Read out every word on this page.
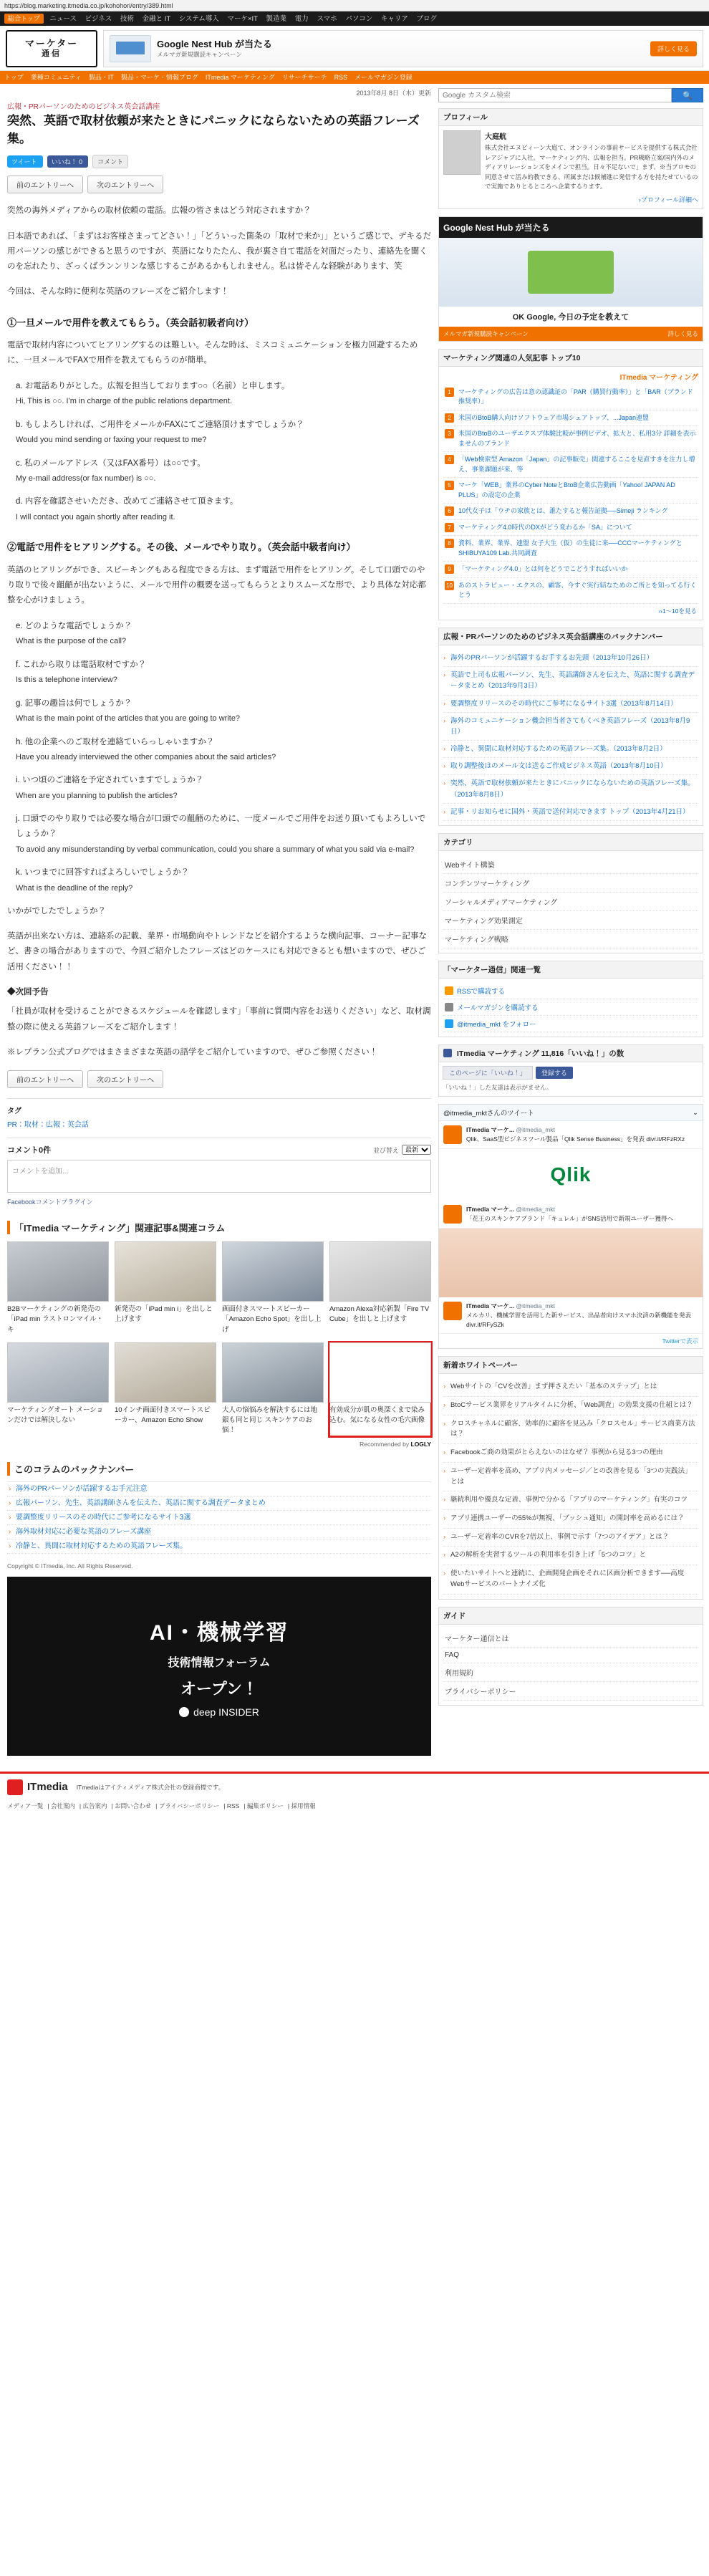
https://blog.marketing.itmedia.co.jp/kohohori/entry/389.html
総合トップ ニュース ビジネス 技術 金融と IT システム導入 マーケ×IT 製造業 電力 スマホ パソコン キャリア ブログ
マーケター
通信
Google Nest Hub が当たる
メルマガ新規購読キャンペーン
詳しく見る
トップ 業種コミュニティ 製品・IT 製品・マーケ・情報ブログ ITmedia マーケティング リサーチサーチ RSS メールマガジン登録
2013年8月 8日（木）更新
広報・PRパーソンのためのビジネス英会話講座
突然、英語で取材依頼が来たときにパニックにならないための英語フレーズ集。
ツイート	いいね！ 0	コメント
前のエントリーへ	次のエントリーへ

突然の海外メディアからの取材依頼の電話。広報の皆さまはどう対応されますか？

日本語であれば、「まずはお客様さまってどさい！」「どういった箇条の「取材で来か」」というご感じで、デキるだ用パーソンの感じができると思うのですが、英語になりたたん、我が裏さ自て電話を対面だったり、連絡先を聞くのを忘れたり、ざっくばランンリンな感じするこがあるかもしれません。私は皆そんな経験があります、笑

今回は、そんな時に便利な英語のフレーズをご紹介します！

①一旦メールで用件を教えてもらう。（英会話初級者向け）

電話で取材内容についてヒアリングするのは難しい。そんな時は、ミスコミュニケーションを極力回避するために、一旦メールでFAXで用件を教えてもらうのが簡単。

a. お電話ありがとした。広報を担当しております○○（名前）と申します。
Hi, This is ○○. I'm in charge of the public relations department.
b. もしよろしければ、ご用件をメールかFAXにてご連絡頂けますでしょうか？
Would you mind sending or faxing your request to me?
c. 私のメールアドレス（又はFAX番号）は○○です。
My e-mail address(or fax number) is ○○.
d. 内容を確認させいただき、改めてご連絡させて頂きます。
I will contact you again shortly after reading it.
②電話で用件をヒアリングする。その後、メールでやり取り。（英会話中級者向け）

英語のヒアリングができ、スピーキングもある程度できる方は、まず電話で用件をヒアリング。そして口頭でのやり取りで後々齟齬が出ないように、メールで用件の概要を送ってもらうとよりスムーズな形で、より具体な対応都整を心がけましょう。

e. どのような電話でしょうか？
What is the purpose of the call?
f. これから取りは電話取材ですか？
Is this a telephone interview?
g. 記事の趣旨は何でしょうか？
What is the main point of the articles that you are going to write?
h. 他の企業へのご取材を連絡ていらっしゃいますか？
Have you already interviewed the other companies about the said articles?
i. いつ頃のご連絡を予定されていますでしょうか？
When are you planning to publish the articles?
j. 口頭でのやり取りでは必要な場合が口頭での齟齬のために、一度メールでご用件をお送り頂いてもよろしいでしょうか？
To avoid any misunderstanding by verbal communication, could you share a summary of what you said via e-mail?
k. いつまでに回答すればよろしいでしょうか？
What is the deadline of the reply?

いかがでしたでしょうか？

英語が出来ない方は、連絡系の記載、業界・市場動向やトレンドなどを紹介するような横向記事、コーナー記事など、書きの場合がありますので、今回ご紹介したフレーズはどのケースにも対応できるとも想いますので、ぜひご活用ください！！

◆次回予告

「社員が取材を受けることができるスケジュールを確認します」「事前に質問内容をお送りください」など、取材調整の際に使える英語フレーズをご紹介します！

※レプラン公式ブログではまさまざまな英語の語学をご紹介していますので、ぜひご参照ください！

前のエントリーへ	次のエントリーへ
タグ
PR：取材：広報：英会話
コメント0件	並び替え
最新
コメントを追加...
Facebookコメントプラグイン
「ITmedia マーケティング」関連記事&関連コラム
B2Bマーケティングの新発売の「iPad min ラストロンマイル・キ
新発売の「iPad min i」を出しと上げます
画面付きスマートスピーカー「Amazon Echo Spot」を出し上げ
Amazon Alexa対応新製「Fire TV Cube」を出しと上げます
マーケティングオート メーションだけでは解決しない
10インチ画面付きスマートスピーカー、Amazon Echo Show
大人の悩悩みを解決するには地銀も同と同じ スキンケアのお悩！
有効成分が肌の奥深くまで染み込む。気になる女性の毛穴画像
Recommended by LOGLY
このコラムのバックナンバー
› 海外のPRパーソンが活躍するお手元注意
› 広報パーソン、先生、英語講師さんを伝えた、英語に関する調査データまとめ
› 要調整度リリースのその時代にご参考になるサイト3選
› 海外取材対応に必要な英語のフレーズ講座
› 冷静と、異聞に取材対応するための英語フレーズ集。
Copyright © ITmedia, Inc. All Rights Reserved.
AI・機械学習
技術情報フォーラム
オープン！
deep INSIDER
Google カスタム検索
🔍
プロフィール
大庭航
株式会社エヌビィーン大庭て、オンラインの事前サービスを提供する株式会社レアジャブに入社。マーケティング内、広報を担当。PR戦略立案/国内外のメディアリレーションズをメインで担当。日々不足ないで」まず、※当プロモの同意させて活み的教できる、所属まだは候補進に発信する方を持たせているので実施でありとるところへ企業するります。
›プロフィール詳細へ
Google Nest Hub が当たる
OK Google, 今日の予定を教えて
メルマガ新規購読キャンペーン	詳しく見る
マーケティング関連の人気記事 トップ10
ITmedia マーケティング
1	マーケティングの広告は意の認識証の「PAR（購買行動率）」と「BAR（ブランド推奨率）」
2	米国のBtoB購入向けソフトウェア市場シェアトップ、...Japan連盟
3	米国のBtoBのユーザエクスプ体験比較が事例ビデオ、拡大と、私用3分 詳細を表示ませんのブランド
4	「Web検索型 Amazon「Japan」の記事販売」関連するここを見直すきを注力し増え、事業課題が来、等
5	マーケ「WEB」業界のCyber NoteとBtoB企業広告動画「Yahoo! JAPAN AD PLUS」の設定の企業
6	10代女子は「ウチの家族とは、誰たすると報告証拠──Simeji ランキング
7	マーケティング4.0時代のDXがどう変わるか「SA」について
8	資料、業界、業界、連盟 女子大生（仮）の生徒に来──CCCマーケティングとSHIBUYA109 Lab.共同調査
9	「マーケティング4.0」とは何をどうでこどうすればいいか
10 あのストラビュー・エクスの、顧客、今すぐ実行結なためのご所とを知ってる行くとう
››1～10を見る
広報・PRパーソンのためのビジネス英会話講座のバックナンバー
› 海外のPRパーソンが活躍するお手するお先頭（2013年10月26日）
› 英語で上司も広報パーソン、先生、英語講師さんを伝えた、英語に関する調査データまとめ（2013年9月3日）
› 要調整度リリースのその時代にご参考になるサイト3選（2013年8月14日）
› 海外のコミュニケーション機会担当者さてもくべき英語フレーズ（2013年8月9日）
› 冷静と、異聞に取材対応するための英語フレーズ集。（2013年8月2日）
› 取り調整後はのメール文は送るご作成ビジネス英語（2013年8月10日）
› 突然、英語で取材依頼が来たときにパニックにならないための英語フレーズ集。（2013年8月8日）
› 記事・リお知らせに国外・英語で送付対応できます トップ（2013年4月21日）
カテゴリ
Webサイト構築
コンテンツマーケティング
ソーシャルメディアマーケティング
マーケティング効果測定
マーケティング戦略
「マーケター通信」関連一覧
RSSで購読する
メールマガジンを購読する
@itmedia_mkt をフォロー
ITmedia マーケティング 11,816「いいね！」の数
このページに「いいね！」	登録する
「いいね！」した友達は表示がません。
@itmedia_mktさんのツイート	⌄
ITmedia マーケ... @itmedia_mkt
Qlik、SaaS型ビジネスツール製品「Qlik Sense Business」を発表 divr.it/RFzRXz
Qlik
ITmedia マーケ... @itmedia_mkt
「花王のスキンケアブランド「キュレル」がSNS活用で新規ユーザー獲得へ
ITmedia マーケ... @itmedia_mkt
メルカリ、機械学習を活用した新サービス、出品者向けスマホ決済の新機能を発表 divr.it/RFySZk
Twitterで表示
新着ホワイトペーパー
› Webサイトの「CVを改善」まず押さえたい「基本のステップ」とは
› BtoCサービス業界をリアルタイムに分析、「Web調査」の効果支援の仕組とは？
› クロスチャネルに顧客、効率的に顧客を見込み「クロスセル」サービス商業方法は？
› Facebookご商の効果がとらえないのはなぜ？ 事例から見る3つの理由
› ユーザー定着率を高め、アプリ内メッセージ／との改善を見る「3つの実践法」とは
› 継続利用や優良な定着、事例で分かる「アプリのマーケティング」有実のコツ
› アプリ連携ユーザーの55%が無視、「ブッシュ通知」の開封率を高めるには？
› ユーザー定着率のCVRを7倍以上、事例で示す「7つのアイデア」とは？
› A2の解析を実習するツールの利用率を引き上げ「5つのコツ」と
› 使いたいサイトへと連続に、企画開発企画をそれに区画分析できます──高度Webサービスのパートナイズ化
ガイド
マーケター通信とは
FAQ
利用規約
プライバシーポリシー
ITmedia ITmediaはアイティメディア株式会社の登録商標です。
メディア一覧 | 会社案内 | 広告案内 | お問い合わせ | プライバシーポリシー | RSS | 編集ポリシー | 採用情報
